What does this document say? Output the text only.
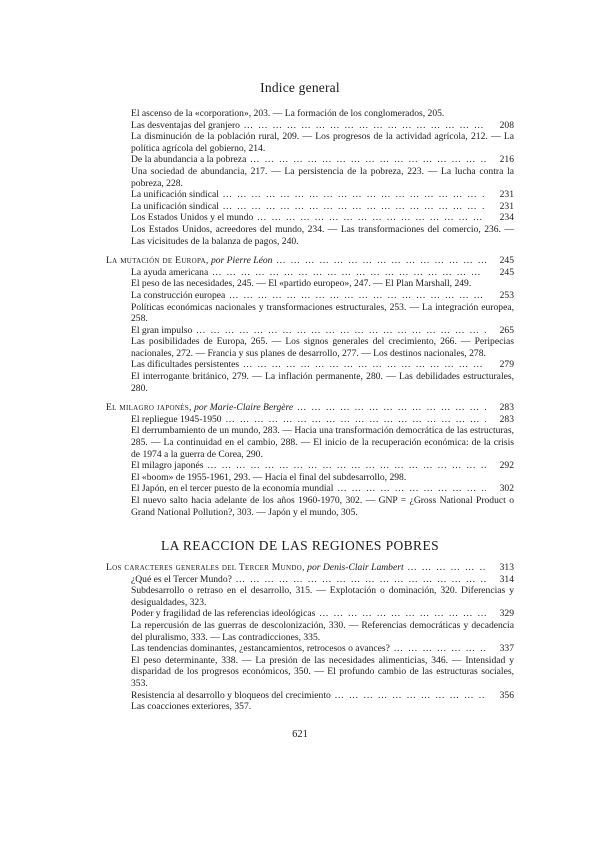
Indice general
El ascenso de la «corporation», 203. — La formación de los conglomerados, 205.
Las desventajas del granjero … … … … … … … … … … … … … … … … … … … … … … … … … … … … … … … … … … …	208
La disminución de la población rural, 209. — Los progresos de la actividad agrícola, 212. — La política agrícola del gobierno, 214.
De la abundancia a la pobreza … … … … … … … … … … … … … … … … … … … … … … … … … … … … … … … … … … …	216
Una sociedad de abundancia, 217. — La persistencia de la pobreza, 223. — La lucha contra la pobreza, 228.
La unificación sindical … … … … … … … … … … … … … … … … … … … … … … … … … … … … … … … … … … …	231
La unificación sindical … … … … … … … … … … … … … … … … … … … … … … … … … … … … … … … … … … …	231
Los Estados Unidos y el mundo … … … … … … … … … … … … … … … … … … … … … … … … … … … … … … … … … … …	234
Los Estados Unidos, acreedores del mundo, 234. — Las transformaciones del comercio, 236. — Las vicisitudes de la balanza de pagos, 240.
La mutación de Europa, por Pierre Léon … … … … … … … … … … … … … … … … … … … … … … … … … … … … … … … … … … …	245
La ayuda americana … … … … … … … … … … … … … … … … … … … … … … … … … … … … … … … … … … …	245
El peso de las necesidades, 245. — El «partido europeo», 247. — El Plan Marshall, 249.
La construcción europea … … … … … … … … … … … … … … … … … … … … … … … … … … … … … … … … … … …	253
Políticas económicas nacionales y transformaciones estructurales, 253. — La integración europea, 258.
El gran impulso … … … … … … … … … … … … … … … … … … … … … … … … … … … … … … … … … … …	265
Las posibilidades de Europa, 265. — Los signos generales del crecimiento, 266. — Peripecias nacionales, 272. — Francia y sus planes de desarrollo, 277. — Los destinos nacionales, 278.
Las dificultades persistentes … … … … … … … … … … … … … … … … … … … … … … … … … … … … … … … … … … …	279
El interrogante británico, 279. — La inflación permanente, 280. — Las debilidades estructurales, 280.
El milagro japonés, por Marie-Claire Bergère … … … … … … … … … … … … … … … … … … … … … … … … … … … … … … … … … … …	283
El repliegue 1945-1950 … … … … … … … … … … … … … … … … … … … … … … … … … … … … … … … … … … …	283
El derrumbamiento de un mundo, 283. — Hacia una transformación democrática de las estructuras, 285. — La continuidad en el cambio, 288. — El inicio de la recuperación económica: de la crisis de 1974 a la guerra de Corea, 290.
El milagro japonés … … … … … … … … … … … … … … … … … … … … … … … … … … … … … … … … … … …	292
El «boom» de 1955-1961, 293. — Hacia el final del subdesarrollo, 298.
El Japón, en el tercer puesto de la economía mundial … … … … … … … … … … … … … … … … … … … … … … … … … … … … … … … … … … …	302
El nuevo salto hacia adelante de los años 1960-1970, 302. — GNP = ¿Gross National Product o Grand National Pollution?, 303. — Japón y el mundo, 305.
LA REACCION DE LAS REGIONES POBRES
Los caracteres generales del Tercer Mundo, por Denis-Clair Lambert … … … … … … … … … … … … … … … … … … … … … … … … … … … … … … … … … … …	313
¿Qué es el Tercer Mundo? … … … … … … … … … … … … … … … … … … … … … … … … … … … … … … … … … … …	314
Subdesarrollo o retraso en el desarrollo, 315. — Explotación o dominación, 320. Diferencias y desigualdades, 323.
Poder y fragilidad de las referencias ideológicas … … … … … … … … … … … … … … … … … … … … … … … … … … … … … … … … … … …	329
La repercusión de las guerras de descolonización, 330. — Referencias democráticas y decadencia del pluralismo, 333. — Las contradicciones, 335.
Las tendencias dominantes, ¿estancamientos, retrocesos o avances? … … … … … … … … … … … … … … … … … … … … … … … … … … … … … … … … … … …	337
El peso determinante, 338. — La presión de las necesidades alimenticias, 346. — Intensidad y disparidad de los progresos económicos, 350. — El profundo cambio de las estructuras sociales, 353.
Resistencia al desarrollo y bloqueos del crecimiento … … … … … … … … … … … … … … … … … … … … … … … … … … … … … … … … … … …	356
Las coacciones exteriores, 357.
621
